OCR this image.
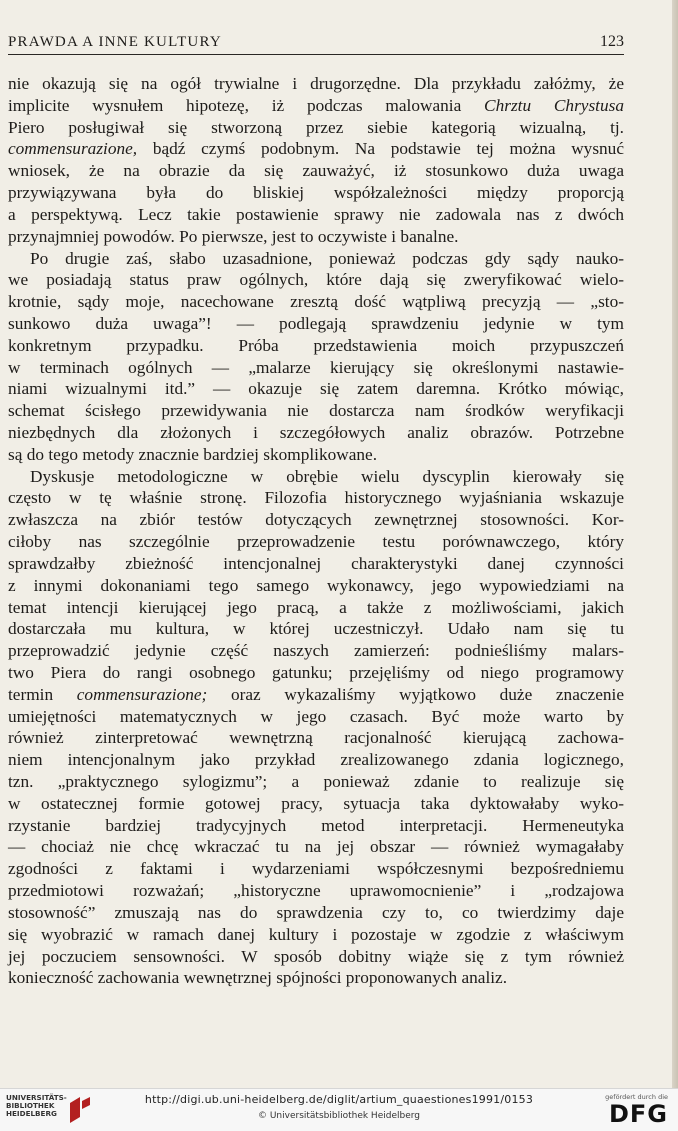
PRAWDA A INNE KULTURY	123
nie okazują się na ogół trywialne i drugorzędne. Dla przykładu załóżmy, że
implicite wysnułem hipotezę, iż podczas malowania Chrztu Chrystusa
Piero posługiwał się stworzoną przez siebie kategorią wizualną, tj.
commensurazione, bądź czymś podobnym. Na podstawie tej można wysnuć
wniosek, że na obrazie da się zauważyć, iż stosunkowo duża uwaga
przywiązywana była do bliskiej współzależności między proporcją
a perspektywą. Lecz takie postawienie sprawy nie zadowala nas z dwóch
przynajmniej powodów. Po pierwsze, jest to oczywiste i banalne.
Po drugie zaś, słabo uzasadnione, ponieważ podczas gdy sądy nauko-
we posiadają status praw ogólnych, które dają się zweryfikować wielo-
krotnie, sądy moje, nacechowane zresztą dość wątpliwą precyzją — „sto-
sunkowo duża uwaga”! — podlegają sprawdzeniu jedynie w tym
konkretnym przypadku. Próba przedstawienia moich przypuszczeń
w terminach ogólnych — „malarze kierujący się określonymi nastawie-
niami wizualnymi itd.” — okazuje się zatem daremna. Krótko mówiąc,
schemat ścisłego przewidywania nie dostarcza nam środków weryfikacji
niezbędnych dla złożonych i szczegółowych analiz obrazów. Potrzebne
są do tego metody znacznie bardziej skomplikowane.
Dyskusje metodologiczne w obrębie wielu dyscyplin kierowały się
często w tę właśnie stronę. Filozofia historycznego wyjaśniania wskazuje
zwłaszcza na zbiór testów dotyczących zewnętrznej stosowności. Kor-
ciłoby nas szczególnie przeprowadzenie testu porównawczego, który
sprawdzałby zbieżność intencjonalnej charakterystyki danej czynności
z innymi dokonaniami tego samego wykonawcy, jego wypowiedziami na
temat intencji kierującej jego pracą, a także z możliwościami, jakich
dostarczała mu kultura, w której uczestniczył. Udało nam się tu
przeprowadzić jedynie część naszych zamierzeń: podnieśliśmy malars-
two Piera do rangi osobnego gatunku; przejęliśmy od niego programowy
termin commensurazione; oraz wykazaliśmy wyjątkowo duże znaczenie
umiejętności matematycznych w jego czasach. Być może warto by
również zinterpretować wewnętrzną racjonalność kierującą zachowa-
niem intencjonalnym jako przykład zrealizowanego zdania logicznego,
tzn. „praktycznego sylogizmu”; a ponieważ zdanie to realizuje się
w ostatecznej formie gotowej pracy, sytuacja taka dyktowałaby wyko-
rzystanie bardziej tradycyjnych metod interpretacji. Hermeneutyka
— chociaż nie chcę wkraczać tu na jej obszar — również wymagałaby
zgodności z faktami i wydarzeniami współczesnymi bezpośredniemu
przedmiotowi rozważań; „historyczne uprawomocnienie” i „rodzajowa
stosowność” zmuszają nas do sprawdzenia czy to, co twierdzimy daje
się wyobrazić w ramach danej kultury i pozostaje w zgodzie z właściwym
jej poczuciem sensowności. W sposób dobitny wiąże się z tym również
konieczność zachowania wewnętrznej spójności proponowanych analiz.
UNIVERSITÄTS-
BIBLIOTHEK
HEIDELBERG
http://digi.ub.uni-heidelberg.de/diglit/artium_quaestiones1991/0153
© Universitätsbibliothek Heidelberg
gefördert durch die
DFG
